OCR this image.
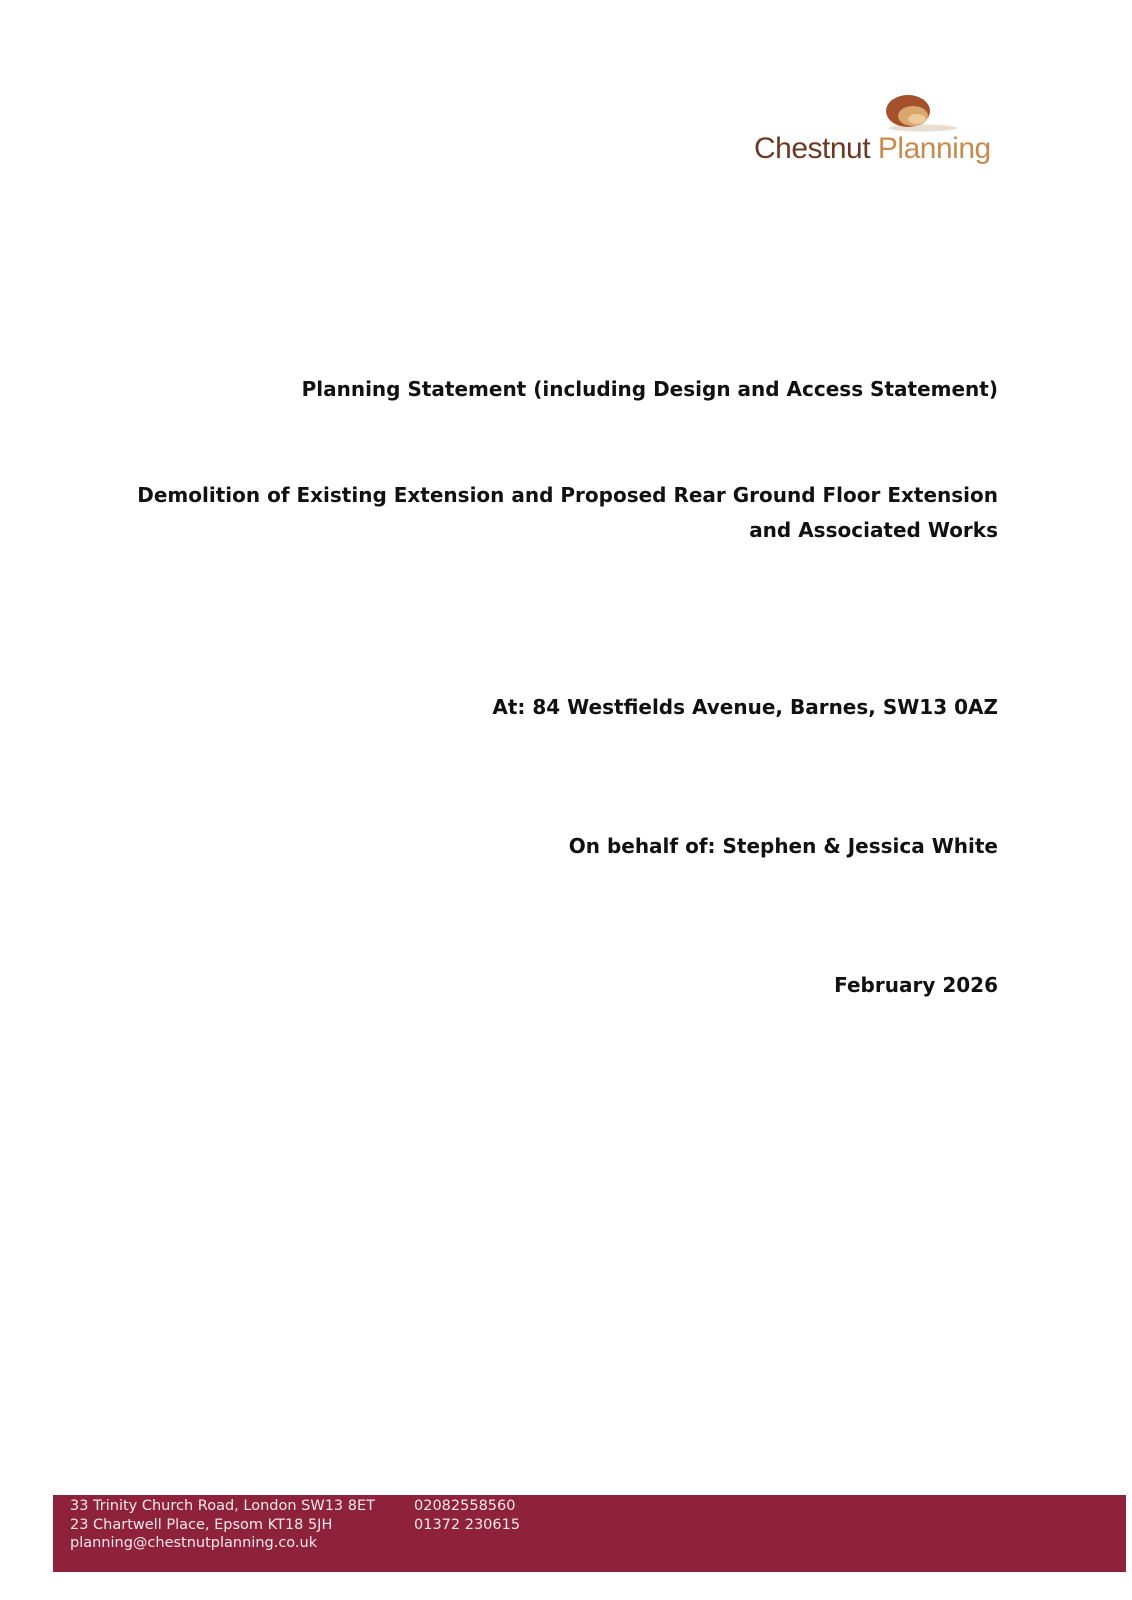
Chestnut Planning
Planning Statement (including Design and Access Statement)
Demolition of Existing Extension and Proposed Rear Ground Floor Extension
and Associated Works
At: 84 Westfields Avenue, Barnes, SW13 0AZ
On behalf of: Stephen & Jessica White
February 2026
33 Trinity Church Road, London SW13 8ET
23 Chartwell Place, Epsom KT18 5JH
planning@chestnutplanning.co.uk
02082558560
01372 230615
